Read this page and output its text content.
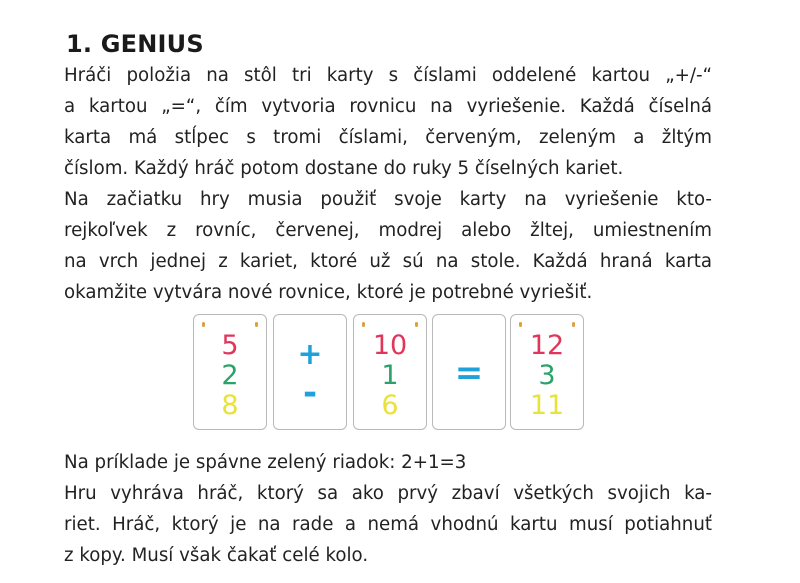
1. GENIUS
Hráči položia na stôl tri karty s číslami oddelené kartou „+/-“
a kartou „=“, čím vytvoria rovnicu na vyriešenie. Každá číselná
karta má stĺpec s tromi číslami, červeným, zeleným a žltým
číslom. Každý hráč potom dostane do ruky 5 číselných kariet.
Na začiatku hry musia použiť svoje karty na vyriešenie kto-
rejkoľvek z rovníc, červenej, modrej alebo žltej, umiestnením
na vrch jednej z kariet, ktoré už sú na stole. Každá hraná karta
okamžite vytvára nové rovnice, ktoré je potrebné vyriešiť.
5
2
8
+
-
10
1
6
=
12
3
11
Na príklade je spávne zelený riadok: 2+1=3
Hru vyhráva hráč, ktorý sa ako prvý zbaví všetkých svojich ka-
riet. Hráč, ktorý je na rade a nemá vhodnú kartu musí potiahnuť
z kopy. Musí však čakať celé kolo.
